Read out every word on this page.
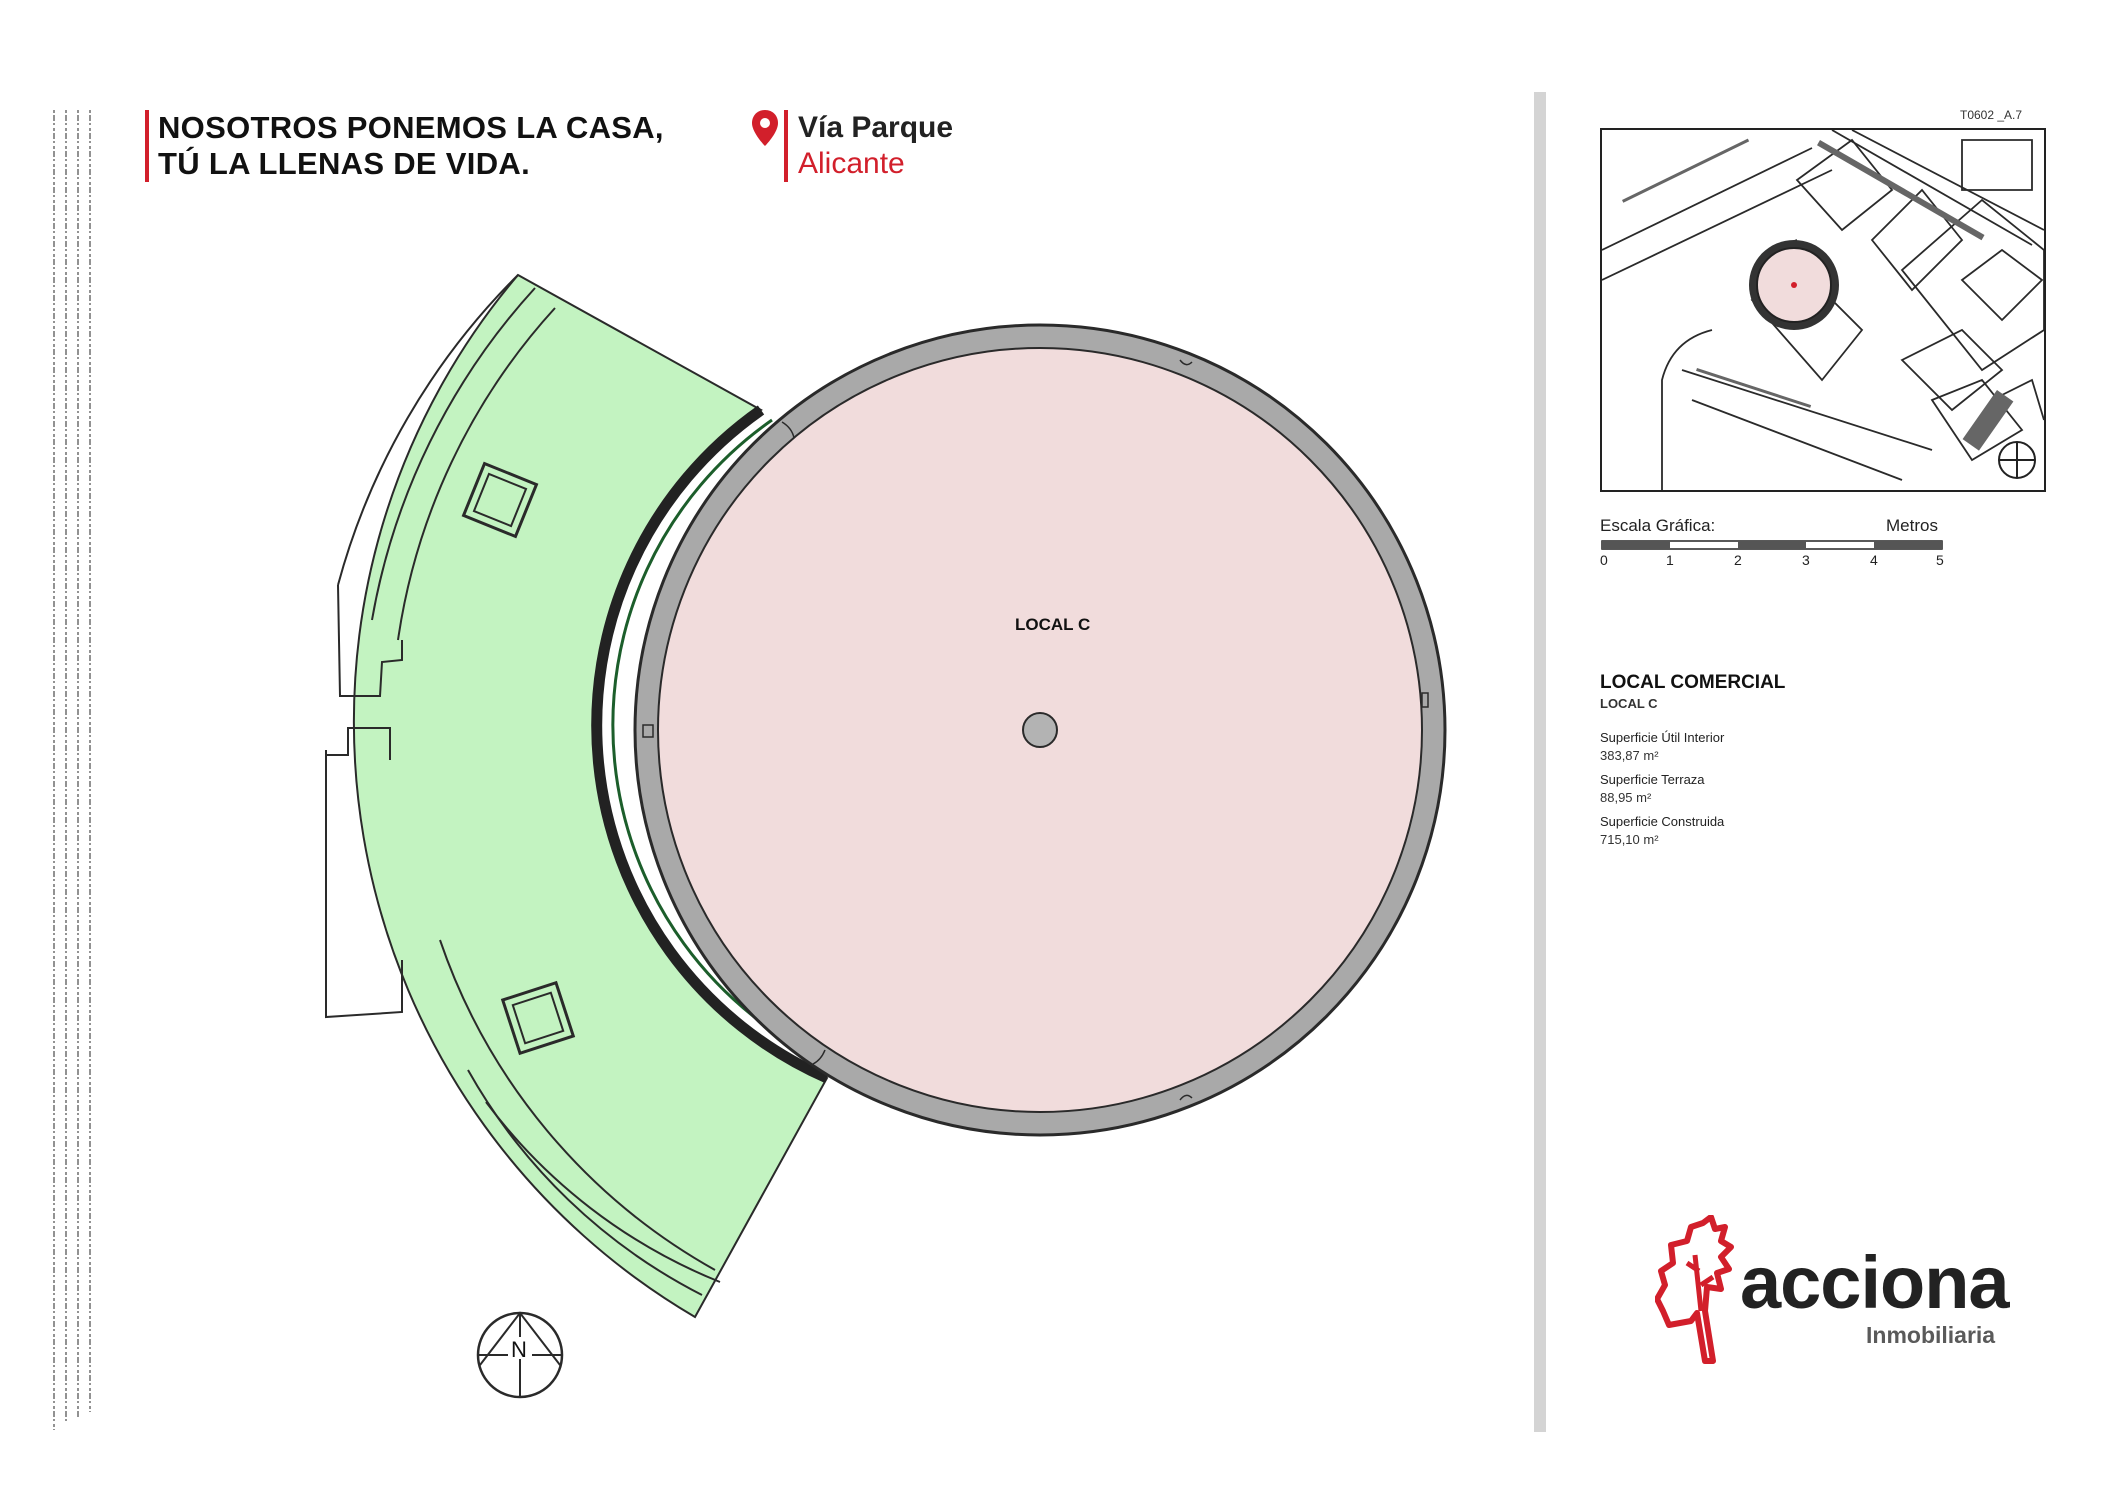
NOSOTROS PONEMOS LA CASA,
TÚ LA LLENAS DE VIDA.
Vía Parque
Alicante
LOCAL C
N
T0602 _A.7
Escala Gráfica:	Metros
0	1	2	3	4	5
LOCAL COMERCIAL
LOCAL C
Superficie Útil Interior
383,87 m²
Superficie Terraza
88,95 m²
Superficie Construida
715,10 m²
acciona
Inmobiliaria
